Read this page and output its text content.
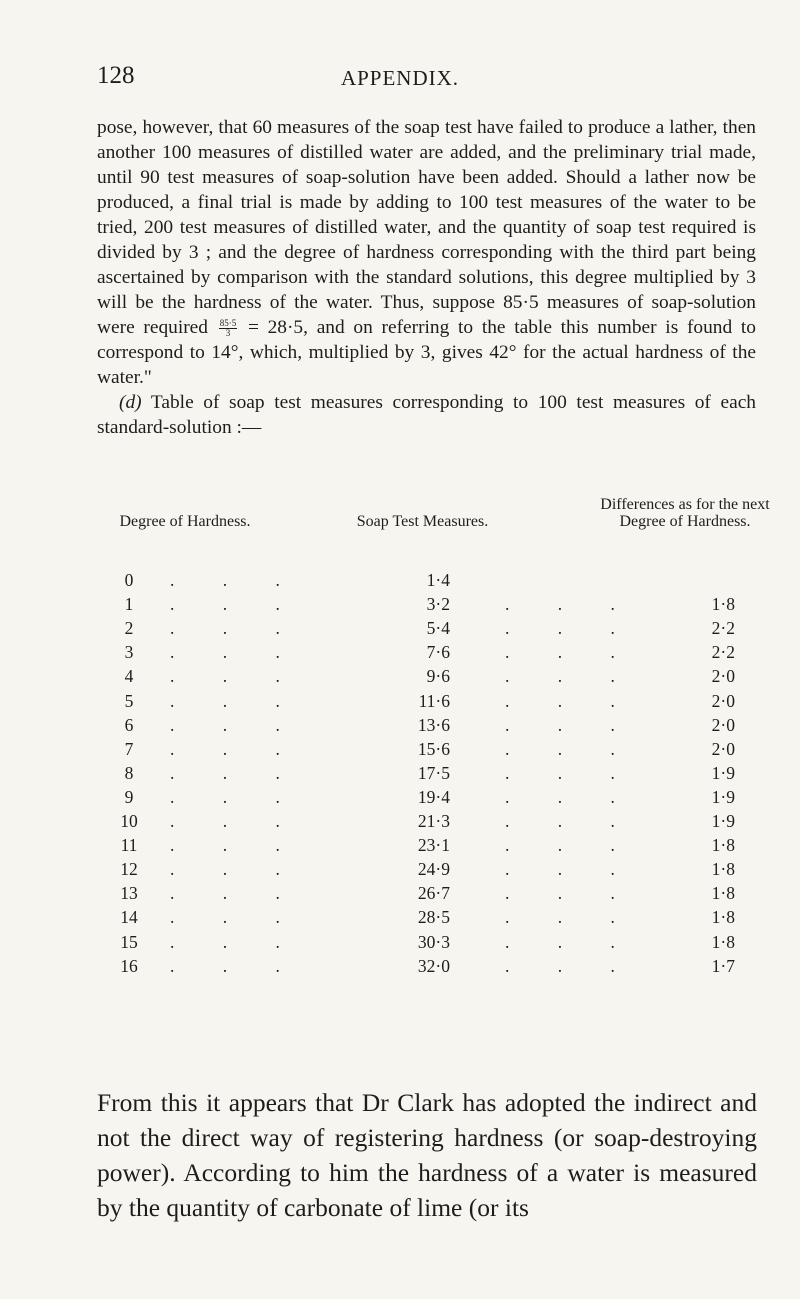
128	APPENDIX.

pose, however, that 60 measures of the soap test have failed to produce a lather, then another 100 measures of distilled water are added, and the preliminary trial made, until 90 test measures of soap-solution have been added. Should a lather now be produced, a final trial is made by adding to 100 test measures of the water to be tried, 200 test measures of distilled water, and the quantity of soap test required is divided by 3 ; and the degree of hardness corresponding with the third part being ascertained by comparison with the standard solutions, this degree multiplied by 3 will be the hardness of the water. Thus, suppose 85·5 measures of soap-solution were required $\frac{85\cdot 5}{3} = 28\cdot 5$, and on referring to the table this number is found to correspond to 14°, which, multiplied by 3, gives 42° for the actual hardness of the water."

(d) Table of soap test measures corresponding to 100 test measures of each standard-solution :—

Degree of Hardness.	Soap Test Measures.
Differences as for the next Degree of Hardness.
0	. . .	1·4
1	. . .	3·2	. . .	1·8
2	. . .	5·4	. . .	2·2
3	. . .	7·6	. . .	2·2
4	. . .	9·6	. . .	2·0
5	. . .	11·6	. . .	2·0
6	. . .	13·6	. . .	2·0
7	. . .	15·6	. . .	2·0
8	. . .	17·5	. . .	1·9
9	. . .	19·4	. . .	1·9
10	. . .	21·3	. . .	1·9
11	. . .	23·1	. . .	1·8
12	. . .	24·9	. . .	1·8
13	. . .	26·7	. . .	1·8
14	. . .	28·5	. . .	1·8
15	. . .	30·3	. . .	1·8
16	. . .	32·0	. . .	1·7

From this it appears that Dr Clark has adopted the indirect and not the direct way of registering hardness (or soap-destroying power). According to him the hardness of a water is measured by the quantity of carbonate of lime (or its
